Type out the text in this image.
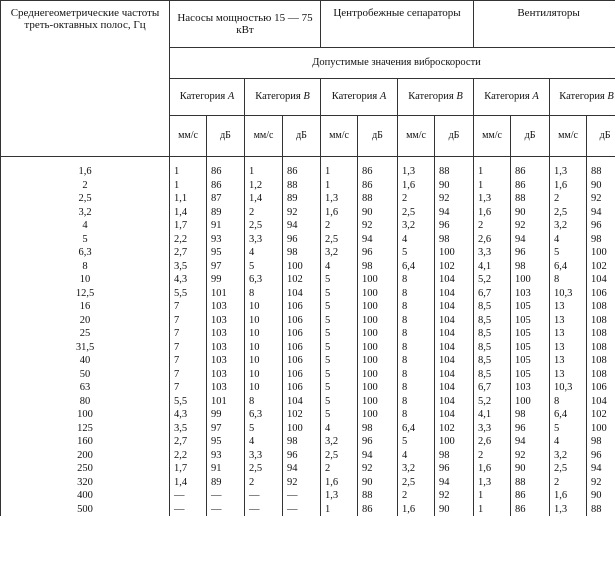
Среднегеометрические частоты треть-октавных полос, Гц	Насосы мощностью 15 — 75 кВт				Центробежные сепараторы				Вентиляторы			
	Допустимые значения виброскорости											
	Категория A		Категория B		Категория A		Категория B		Категория A		Категория B	
	мм/с	дБ	мм/с	дБ	мм/с	дБ	мм/с	дБ	мм/с	дБ	мм/с	дБ
1,6	1	86	1	86	1	86	1,3	88	1	86	1,3	88
2	1	86	1,2	88	1	86	1,6	90	1	86	1,6	90
2,5	1,1	87	1,4	89	1,3	88	2	92	1,3	88	2	92
3,2	1,4	89	2	92	1,6	90	2,5	94	1,6	90	2,5	94
4	1,7	91	2,5	94	2	92	3,2	96	2	92	3,2	96
5	2,2	93	3,3	96	2,5	94	4	98	2,6	94	4	98
6,3	2,7	95	4	98	3,2	96	5	100	3,3	96	5	100
8	3,5	97	5	100	4	98	6,4	102	4,1	98	6,4	102
10	4,3	99	6,3	102	5	100	8	104	5,2	100	8	104
12,5	5,5	101	8	104	5	100	8	104	6,7	103	10,3	106
16	7	103	10	106	5	100	8	104	8,5	105	13	108
20	7	103	10	106	5	100	8	104	8,5	105	13	108
25	7	103	10	106	5	100	8	104	8,5	105	13	108
31,5	7	103	10	106	5	100	8	104	8,5	105	13	108
40	7	103	10	106	5	100	8	104	8,5	105	13	108
50	7	103	10	106	5	100	8	104	8,5	105	13	108
63	7	103	10	106	5	100	8	104	6,7	103	10,3	106
80	5,5	101	8	104	5	100	8	104	5,2	100	8	104
100	4,3	99	6,3	102	5	100	8	104	4,1	98	6,4	102
125	3,5	97	5	100	4	98	6,4	102	3,3	96	5	100
160	2,7	95	4	98	3,2	96	5	100	2,6	94	4	98
200	2,2	93	3,3	96	2,5	94	4	98	2	92	3,2	96
250	1,7	91	2,5	94	2	92	3,2	96	1,6	90	2,5	94
320	1,4	89	2	92	1,6	90	2,5	94	1,3	88	2	92
400	—	—	—	—	1,3	88	2	92	1	86	1,6	90
500	—	—	—	—	1	86	1,6	90	1	86	1,3	88
